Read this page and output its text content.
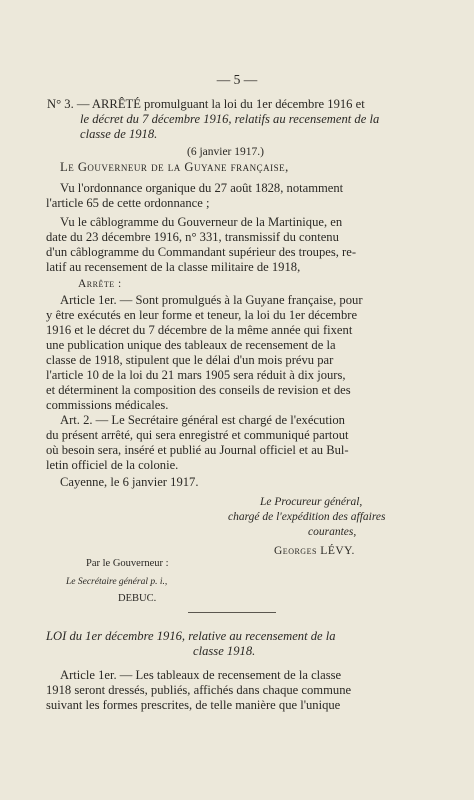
— 5 —
N° 3. — ARRÊTÉ promulguant la loi du 1er décembre 1916 et
le décret du 7 décembre 1916, relatifs au recensement de la
classe de 1918.
(6 janvier 1917.)
Le Gouverneur de la Guyane française,
Vu l'ordonnance organique du 27 août 1828, notamment
l'article 65 de cette ordonnance ;
Vu le câblogramme du Gouverneur de la Martinique, en
date du 23 décembre 1916, n° 331, transmissif du contenu
d'un câblogramme du Commandant supérieur des troupes, re-
latif au recensement de la classe militaire de 1918,
Arrête :
Article 1er. — Sont promulgués à la Guyane française, pour
y être exécutés en leur forme et teneur, la loi du 1er décembre
1916 et le décret du 7 décembre de la même année qui fixent
une publication unique des tableaux de recensement de la
classe de 1918, stipulent que le délai d'un mois prévu par
l'article 10 de la loi du 21 mars 1905 sera réduit à dix jours,
et déterminent la composition des conseils de revision et des
commissions médicales.
Art. 2. — Le Secrétaire général est chargé de l'exécution
du présent arrêté, qui sera enregistré et communiqué partout
où besoin sera, inséré et publié au Journal officiel et au Bul-
letin officiel de la colonie.
Cayenne, le 6 janvier 1917.
Le Procureur général,
chargé de l'expédition des affaires
courantes,
Georges LÉVY.
Par le Gouverneur :
Le Secrétaire général p. i.,
DEBUC.
LOI du 1er décembre 1916, relative au recensement de la
classe 1918.
Article 1er. — Les tableaux de recensement de la classe
1918 seront dressés, publiés, affichés dans chaque commune
suivant les formes prescrites, de telle manière que l'unique
